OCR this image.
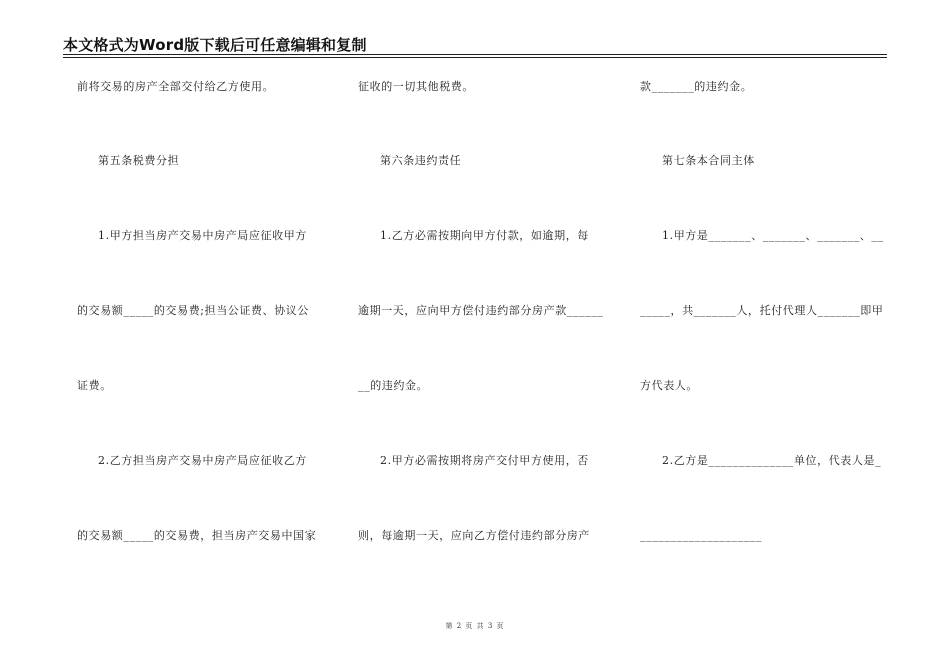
本文格式为Word版下载后可任意编辑和复制
前将交易的房产全部交付给乙方使用。
第五条税费分担
1.甲方担当房产交易中房产局应征收甲方
的交易额_____的交易费;担当公证费、协议公
证费。
2.乙方担当房产交易中房产局应征收乙方
的交易额_____的交易费，担当房产交易中国家
征收的一切其他税费。
第六条违约责任
1.乙方必需按期向甲方付款，如逾期，每
逾期一天，应向甲方偿付违约部分房产款______
__的违约金。
2.甲方必需按期将房产交付甲方使用，否
则，每逾期一天，应向乙方偿付违约部分房产
款_______的违约金。
第七条本合同主体
1.甲方是_______、_______、_______、__
_____，共_______人，托付代理人_______即甲
方代表人。
2.乙方是______________单位，代表人是_
____________________
第 2 页 共 3 页
